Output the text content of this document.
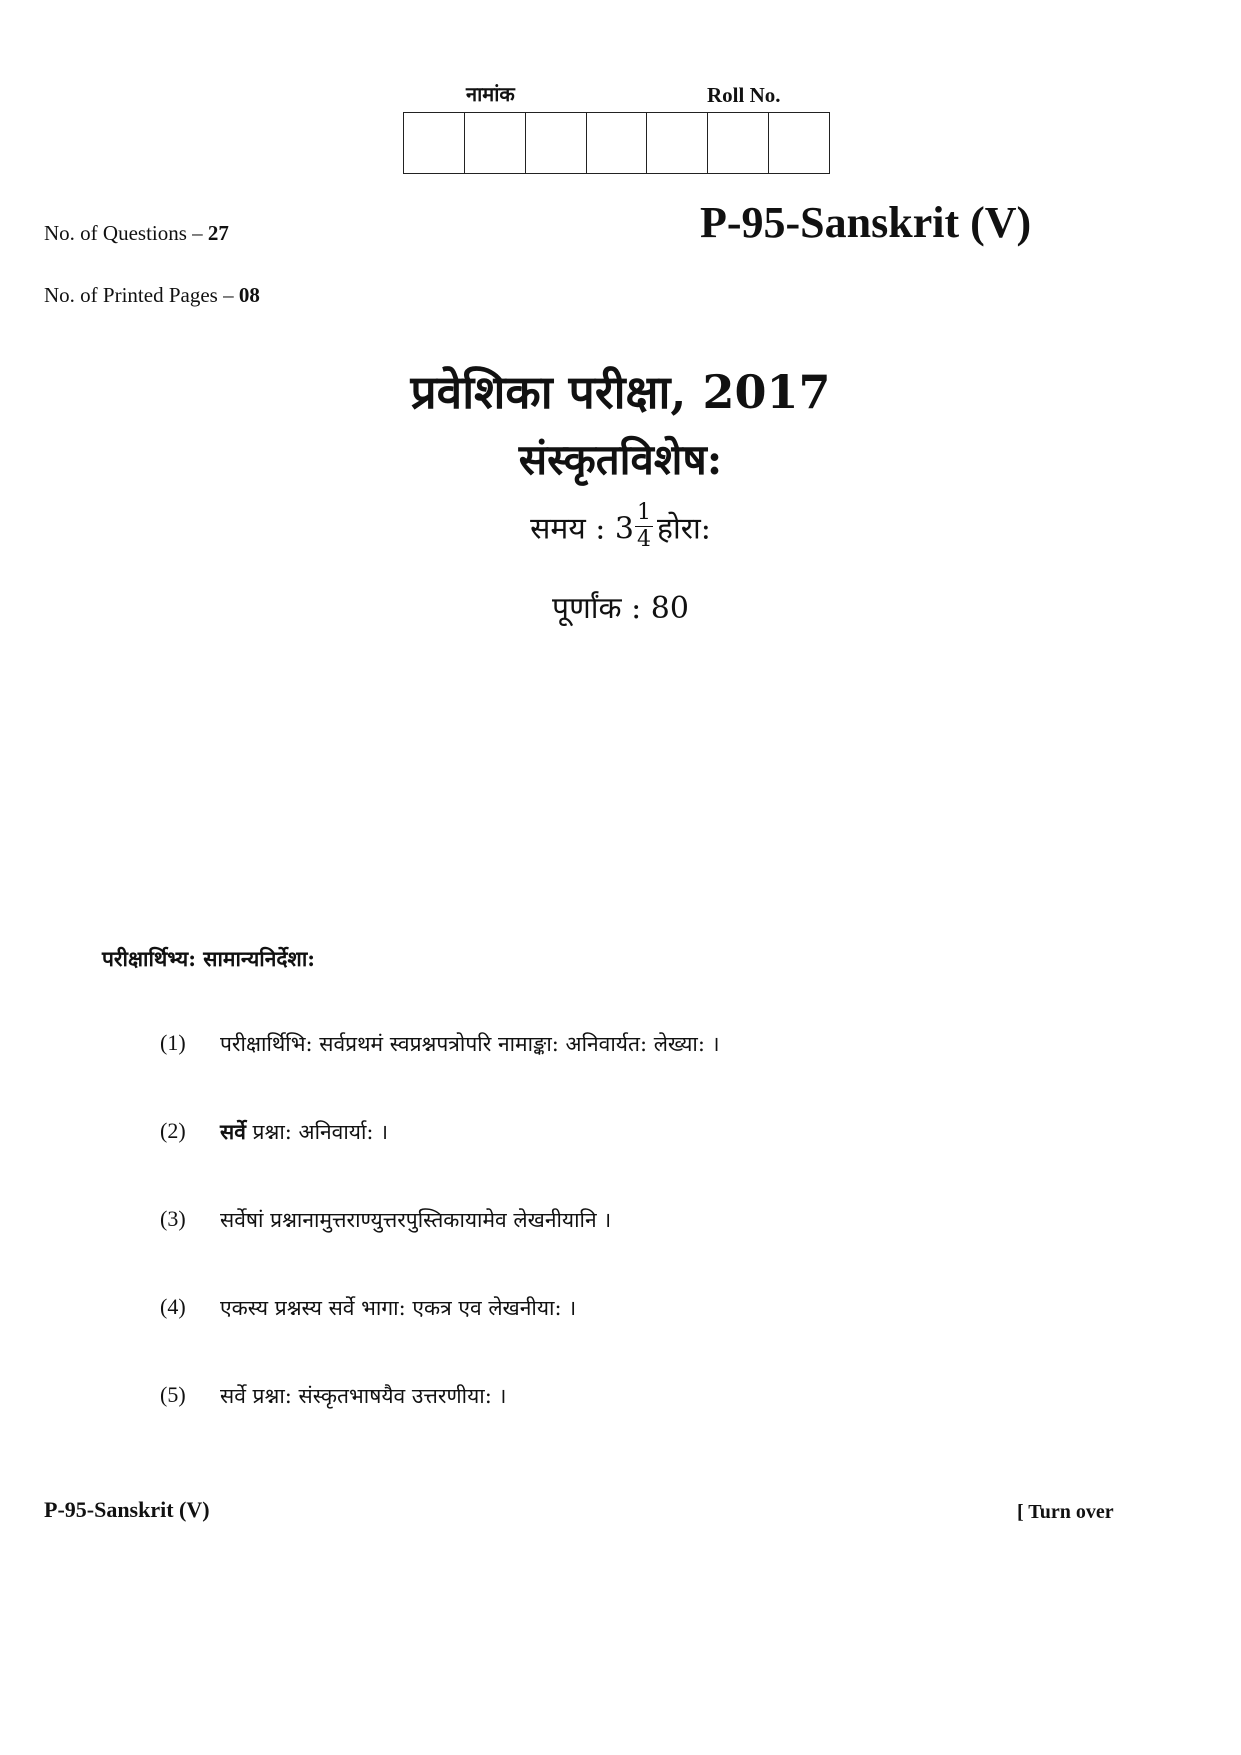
नामांक	Roll No.
No. of Questions – 27
No. of Printed Pages – 08
P-95-Sanskrit (V)
प्रवेशिका परीक्षा, 2017
संस्कृतविशेष:
समय : $3 \frac{1}{4}$ होरा:
पूर्णांक : 80
परीक्षार्थिभ्य: सामान्यनिर्देशा:
(1)	परीक्षार्थिभि: सर्वप्रथमं स्वप्रश्नपत्रोपरि नामाङ्का: अनिवार्यत: लेख्या: ।
(2)	सर्वे प्रश्ना: अनिवार्या: ।
(3)	सर्वेषां प्रश्नानामुत्तराण्युत्तरपुस्तिकायामेव लेखनीयानि ।
(4)	एकस्य प्रश्नस्य सर्वे भागा: एकत्र एव लेखनीया: ।
(5)	सर्वे प्रश्ना: संस्कृतभाषयैव उत्तरणीया: ।
P-95-Sanskrit (V)	[ Turn over
